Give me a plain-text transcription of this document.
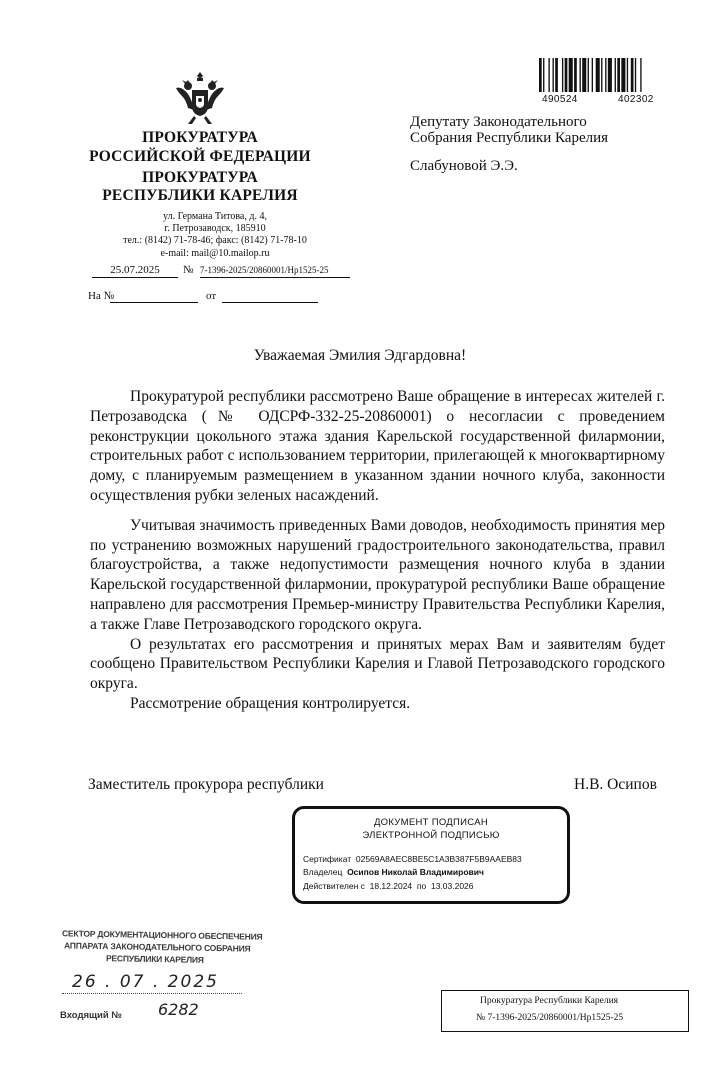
ПРОКУРАТУРА
РОССИЙСКОЙ ФЕДЕРАЦИИ
ПРОКУРАТУРА
РЕСПУБЛИКИ КАРЕЛИЯ
ул. Германа Титова, д. 4,
г. Петрозаводск, 185910
тел.: (8142) 71-78-46; факс: (8142) 71-78-10
e-mail: mail@10.mailop.ru
25.07.2025	№ 7-1396-2025/20860001/Нр1525-25
На №	от
490524	402302
Депутату Законодательного
Собрания Республики Карелия
Слабуновой Э.Э.
Уважаемая Эмилия Эдгардовна!

Прокуратурой республики рассмотрено Ваше обращение в интересах жителей г. Петрозаводска (№ ОДСРФ-332-25-20860001) о несогласии с проведением реконструкции цокольного этажа здания Карельской государственной филармонии, строительных работ с использованием территории, прилегающей к многоквартирному дому, с планируемым размещением в указанном здании ночного клуба, законности осуществления рубки зеленых насаждений.

Учитывая значимость приведенных Вами доводов, необходимость принятия мер по устранению возможных нарушений градостроительного законодательства, правил благоустройства, а также недопустимости размещения ночного клуба в здании Карельской государственной филармонии, прокуратурой республики Ваше обращение направлено для рассмотрения Премьер-министру Правительства Республики Карелия, а также Главе Петрозаводского городского округа.

О результатах его рассмотрения и принятых мерах Вам и заявителям будет сообщено Правительством Республики Карелия и Главой Петрозаводского городского округа.

Рассмотрение обращения контролируется.

Заместитель прокурора республики	Н.В. Осипов
ДОКУМЕНТ ПОДПИСАН
ЭЛЕКТРОННОЙ ПОДПИСЬЮ
Сертификат 02569A8AEC8BE5C1A3B387F5B9AAEB83
Владелец Осипов Николай Владимирович
Действителен с 18.12.2024 по 13.03.2026
СЕКТОР ДОКУМЕНТАЦИОННОГО ОБЕСПЕЧЕНИЯ
АППАРАТА ЗАКОНОДАТЕЛЬНОГО СОБРАНИЯ
РЕСПУБЛИКИ КАРЕЛИЯ
26 . 07 . 2025
Входящий № 6282	Прокуратура Республики Карелия
№ 7-1396-2025/20860001/Нр1525-25
